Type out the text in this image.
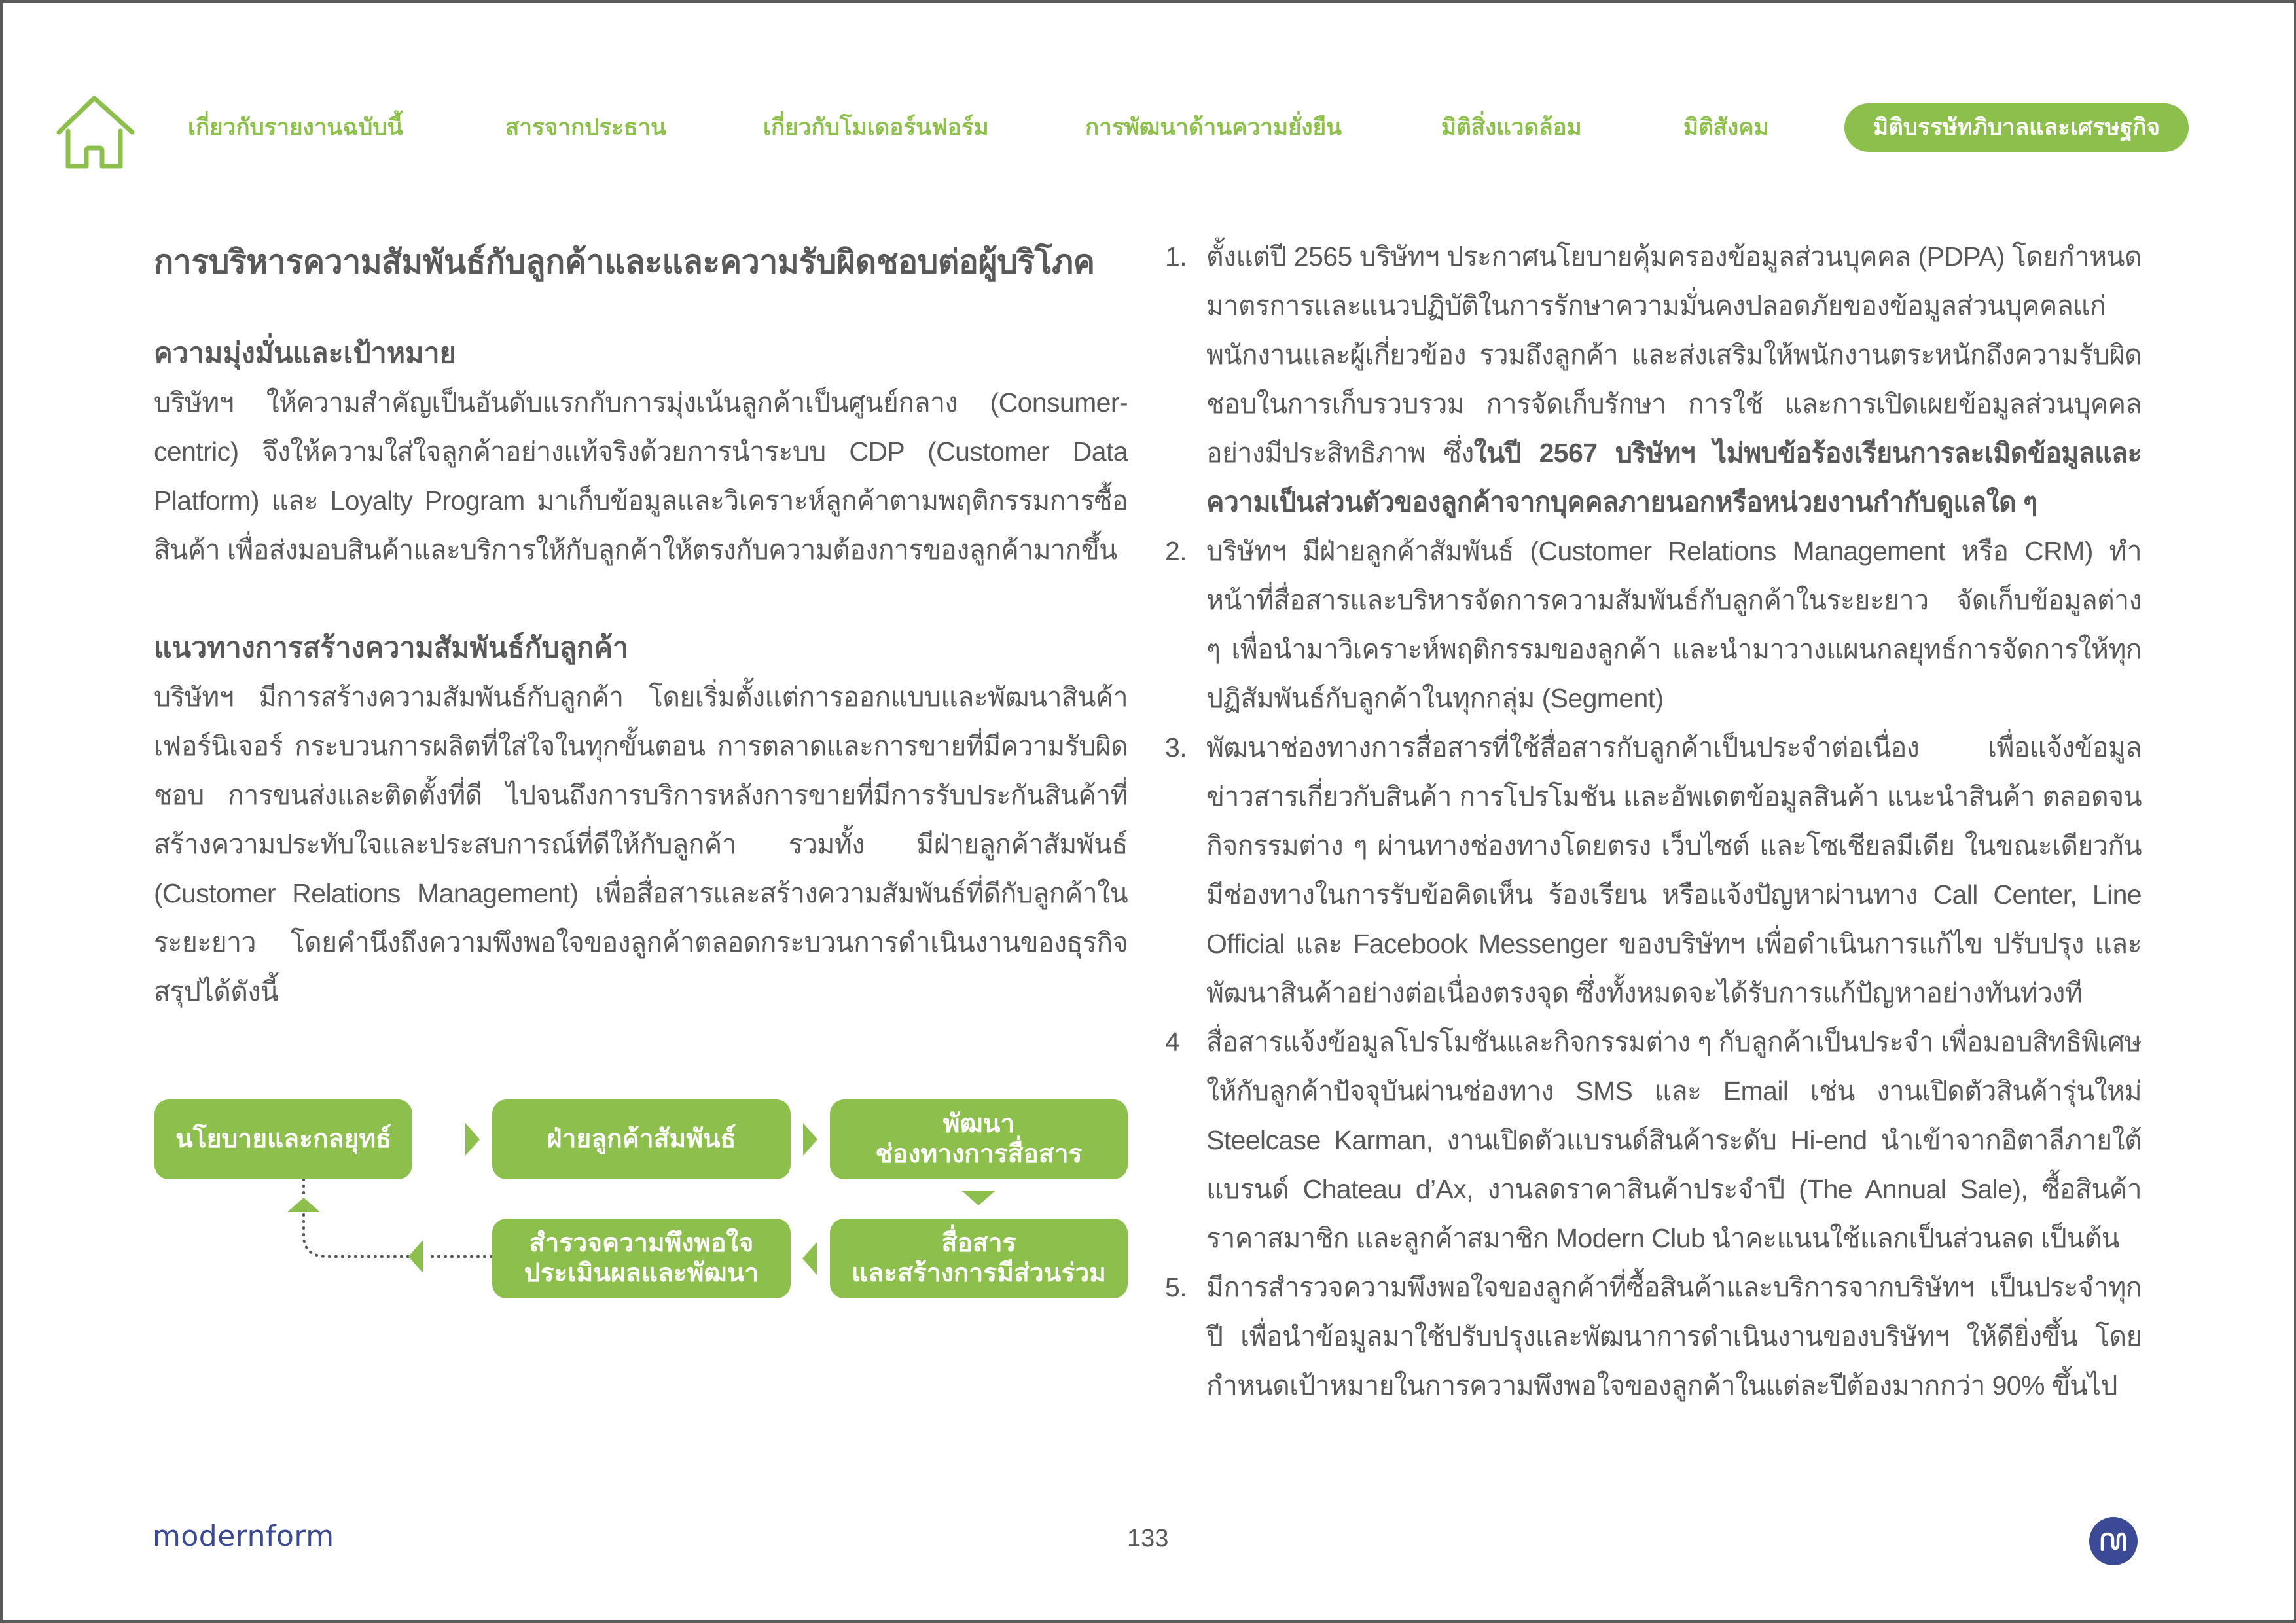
เกี่ยวกับรายงานฉบับนี้	สารจากประธาน	เกี่ยวกับโมเดอร์นฟอร์ม	การพัฒนาด้านความยั่งยืน	มิติสิ่งแวดล้อม	มิติสังคม	มิติบรรษัทภิบาลและเศรษฐกิจ
การบริหารความสัมพันธ์กับลูกค้าและและความรับผิดชอบต่อผู้บริโภค
ความมุ่งมั่นและเป้าหมาย

บริษัทฯ ให้ความสำคัญเป็นอันดับแรกกับการมุ่งเน้นลูกค้าเป็นศูนย์กลาง (Consumer-centric) จึงให้ความใส่ใจลูกค้าอย่างแท้จริงด้วยการนำระบบ CDP (Customer Data Platform) และ Loyalty Program มาเก็บข้อมูลและวิเคราะห์ลูกค้าตามพฤติกรรมการซื้อสินค้า เพื่อส่งมอบสินค้าและบริการให้กับลูกค้าให้ตรงกับความต้องการของลูกค้ามากขึ้น

แนวทางการสร้างความสัมพันธ์กับลูกค้า

บริษัทฯ มีการสร้างความสัมพันธ์กับลูกค้า โดยเริ่มตั้งแต่การออกแบบและพัฒนาสินค้าเฟอร์นิเจอร์ กระบวนการผลิตที่ใส่ใจในทุกขั้นตอน การตลาดและการขายที่มีความรับผิดชอบ การขนส่งและติดตั้งที่ดี ไปจนถึงการบริการหลังการขายที่มีการรับประกันสินค้าที่สร้างความประทับใจและประสบการณ์ที่ดีให้กับลูกค้า รวมทั้ง มีฝ่ายลูกค้าสัมพันธ์ (Customer Relations Management) เพื่อสื่อสารและสร้างความสัมพันธ์ที่ดีกับลูกค้าในระยะยาว โดยคำนึงถึงความพึงพอใจของลูกค้าตลอดกระบวนการดำเนินงานของธุรกิจ สรุปได้ดังนี้

นโยบายและกลยุทธ์	ฝ่ายลูกค้าสัมพันธ์
พัฒนา
ช่องทางการสื่อสาร
สื่อสาร
และสร้างการมีส่วนร่วม
สำรวจความพึงพอใจ
ประเมินผลและพัฒนา
1. ตั้งแต่ปี 2565 บริษัทฯ ประกาศนโยบายคุ้มครองข้อมูลส่วนบุคคล (PDPA) โดยกำหนดมาตรการและแนวปฏิบัติในการรักษาความมั่นคงปลอดภัยของข้อมูลส่วนบุคคลแก่ พนักงานและผู้เกี่ยวข้อง รวมถึงลูกค้า และส่งเสริมให้พนักงานตระหนักถึงความรับผิดชอบในการเก็บรวบรวม การจัดเก็บรักษา การใช้ และการเปิดเผยข้อมูลส่วนบุคคลอย่างมีประสิทธิภาพ ซึ่งในปี 2567 บริษัทฯ ไม่พบข้อร้องเรียนการละเมิดข้อมูลและความเป็นส่วนตัวของลูกค้าจากบุคคลภายนอกหรือหน่วยงานกำกับดูแลใด ๆ
2. บริษัทฯ มีฝ่ายลูกค้าสัมพันธ์ (Customer Relations Management หรือ CRM) ทำหน้าที่สื่อสารและบริหารจัดการความสัมพันธ์กับลูกค้าในระยะยาว จัดเก็บข้อมูลต่าง ๆ เพื่อนำมาวิเคราะห์พฤติกรรมของลูกค้า และนำมาวางแผนกลยุทธ์การจัดการให้ทุกปฏิสัมพันธ์กับลูกค้าในทุกกลุ่ม (Segment)
3. พัฒนาช่องทางการสื่อสารที่ใช้สื่อสารกับลูกค้าเป็นประจำต่อเนื่อง เพื่อแจ้งข้อมูลข่าวสารเกี่ยวกับสินค้า การโปรโมชัน และอัพเดตข้อมูลสินค้า แนะนำสินค้า ตลอดจนกิจกรรมต่าง ๆ ผ่านทางช่องทางโดยตรง เว็บไซต์ และโซเชียลมีเดีย ในขณะเดียวกันมีช่องทางในการรับข้อคิดเห็น ร้องเรียน หรือแจ้งปัญหาผ่านทาง Call Center, Line Official และ Facebook Messenger ของบริษัทฯ เพื่อดำเนินการแก้ไข ปรับปรุง และพัฒนาสินค้าอย่างต่อเนื่องตรงจุด ซึ่งทั้งหมดจะได้รับการแก้ปัญหาอย่างทันท่วงที
4 สื่อสารแจ้งข้อมูลโปรโมชันและกิจกรรมต่าง ๆ กับลูกค้าเป็นประจำ เพื่อมอบสิทธิพิเศษให้กับลูกค้าปัจจุบันผ่านช่องทาง SMS และ Email เช่น งานเปิดตัวสินค้ารุ่นใหม่ Steelcase Karman, งานเปิดตัวแบรนด์สินค้าระดับ Hi-end นำเข้าจากอิตาลีภายใต้แบรนด์ Chateau d’Ax, งานลดราคาสินค้าประจำปี (The Annual Sale), ซื้อสินค้าราคาสมาชิก และลูกค้าสมาชิก Modern Club นำคะแนนใช้แลกเป็นส่วนลด เป็นต้น
5. มีการสำรวจความพึงพอใจของลูกค้าที่ซื้อสินค้าและบริการจากบริษัทฯ เป็นประจำทุกปี เพื่อนำข้อมูลมาใช้ปรับปรุงและพัฒนาการดำเนินงานของบริษัทฯ ให้ดียิ่งขึ้น โดยกำหนดเป้าหมายในการความพึงพอใจของลูกค้าในแต่ละปีต้องมากกว่า 90% ขึ้นไป
modernform	133
